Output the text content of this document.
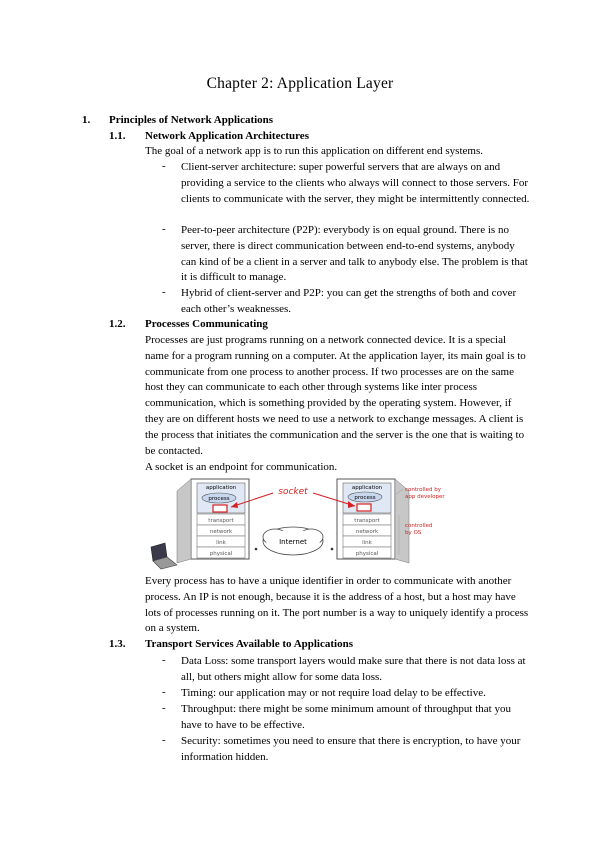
Chapter 2: Application Layer
1. Principles of Network Applications
1.1. Network Application Architectures
The goal of a network app is to run this application on different end systems.
- Client-server architecture: super powerful servers that are always on and providing a service to the clients who always will connect to those servers. For clients to communicate with the server, they might be intermittently connected.
- Peer-to-peer architecture (P2P): everybody is on equal ground. There is no server, there is direct communication between end-to-end systems, anybody can kind of be a client in a server and talk to anybody else. The problem is that it is difficult to manage.
- Hybrid of client-server and P2P: you can get the strengths of both and cover each other’s weaknesses.
1.2. Processes Communicating
Processes are just programs running on a network connected device. It is a special name for a program running on a computer. At the application layer, its main goal is to communicate from one process to another process. If two processes are on the same host they can communicate to each other through systems like inter process communication, which is something provided by the operating system. However, if they are on different hosts we need to use a network to exchange messages. A client is the process that initiates the communication and the server is the one that is waiting to be contacted.
A socket is an endpoint for communication.
application
process
transport
network
link
physical
application
process
transport
network
link
physical
socket
Internet
controlled by app developer
controlled by OS
Every process has to have a unique identifier in order to communicate with another process. An IP is not enough, because it is the address of a host, but a host may have lots of processes running on it. The port number is a way to uniquely identify a process on a system.
1.3. Transport Services Available to Applications
- Data Loss: some transport layers would make sure that there is not data loss at all, but others might allow for some data loss.
- Timing: our application may or not require load delay to be effective.
- Throughput: there might be some minimum amount of throughput that you have to have to be effective.
- Security: sometimes you need to ensure that there is encryption, to have your information hidden.
